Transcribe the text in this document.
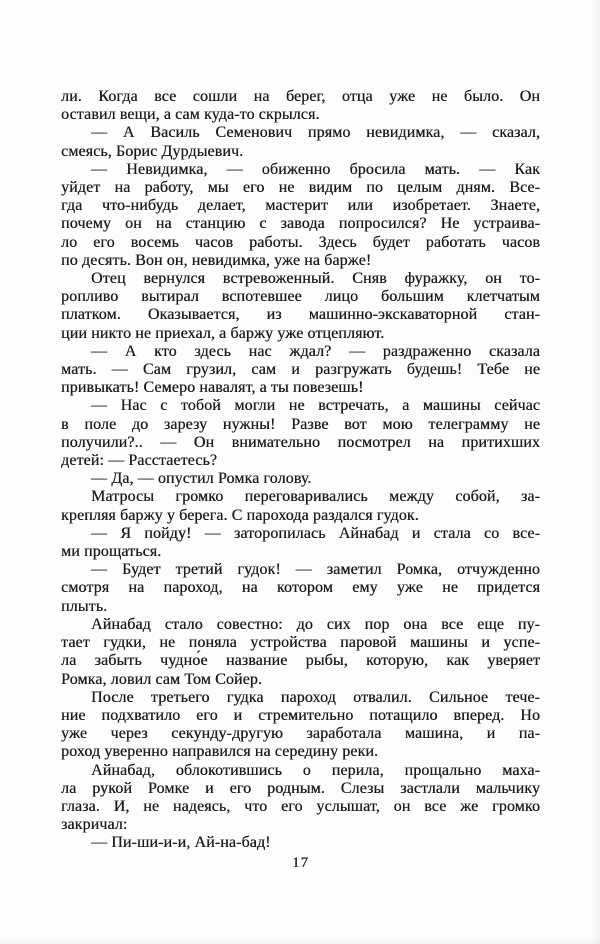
ли. Когда все сошли на берег, отца уже не было. Он
оставил вещи, а сам куда-то скрылся.
— А Василь Семенович прямо невидимка, — сказал,
смеясь, Борис Дурдыевич.
— Невидимка, — обиженно бросила мать. — Как
уйдет на работу, мы его не видим по целым дням. Все-
гда что-нибудь делает, мастерит или изобретает. Знаете,
почему он на станцию с завода попросился? Не устраива-
ло его восемь часов работы. Здесь будет работать часов
по десять. Вон он, невидимка, уже на барже!
Отец вернулся встревоженный. Сняв фуражку, он то-
ропливо вытирал вспотевшее лицо большим клетчатым
платком. Оказывается, из машинно-экскаваторной стан-
ции никто не приехал, а баржу уже отцепляют.
— А кто здесь нас ждал? — раздраженно сказала
мать. — Сам грузил, сам и разгружать будешь! Тебе не
привыкать! Семеро навалят, а ты повезешь!
— Нас с тобой могли не встречать, а машины сейчас
в поле до зарезу нужны! Разве вот мою телеграмму не
получили?.. — Он внимательно посмотрел на притихших
детей: — Расстаетесь?
— Да, — опустил Ромка голову.
Матросы громко переговаривались между собой, за-
крепляя баржу у берега. С парохода раздался гудок.
— Я пойду! — заторопилась Айнабад и стала со все-
ми прощаться.
— Будет третий гудок! — заметил Ромка, отчужденно
смотря на пароход, на котором ему уже не придется
плыть.
Айнабад стало совестно: до сих пор она все еще пу-
тает гудки, не поняла устройства паровой машины и успе-
ла забыть чудно́е название рыбы, которую, как уверяет
Ромка, ловил сам Том Сойер.
После третьего гудка пароход отвалил. Сильное тече-
ние подхватило его и стремительно потащило вперед. Но
уже через секунду-другую заработала машина, и па-
роход уверенно направился на середину реки.
Айнабад, облокотившись о перила, прощально маха-
ла рукой Ромке и его родным. Слезы застлали мальчику
глаза. И, не надеясь, что его услышат, он все же громко
закричал:
— Пи-ши-и-и, Ай-на-бад!
17
